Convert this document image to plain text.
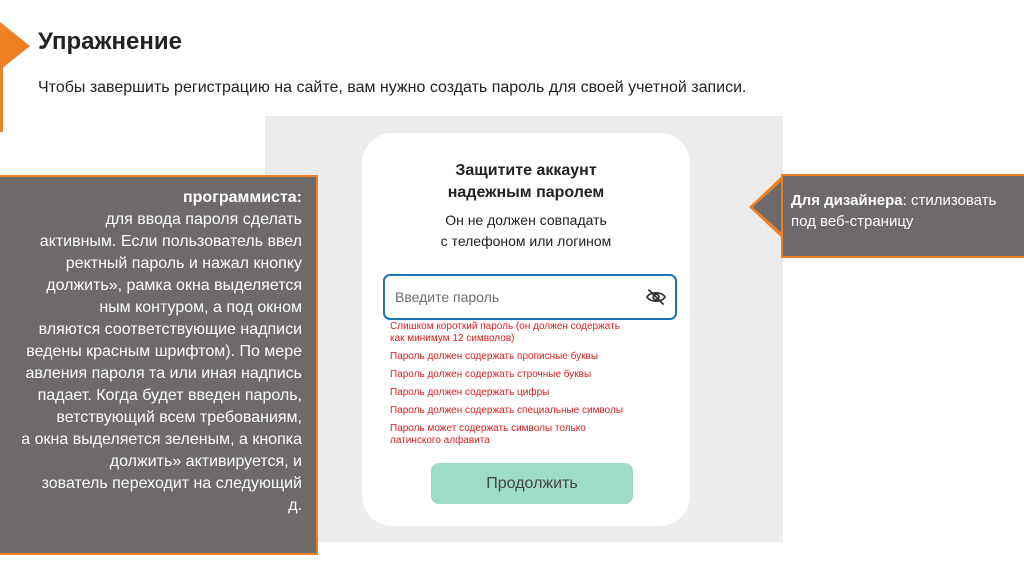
Упражнение

Чтобы завершить регистрацию на сайте, вам нужно создать пароль для своей учетной записи.

Защитите аккаунт
надежным паролем
Он не должен совпадать
с телефоном или логином
Слишком короткий пароль (он должен содержать
как минимум 12 символов)
Пароль должен содержать прописные буквы
Пароль должен содержать строчные буквы
Пароль должен содержать цифры
Пароль должен содержать специальные символы
Пароль может содержать символы только
латинского алфавита
Продолжить
программиста:
для ввода пароля сделать
активным. Если пользователь ввел
ректный пароль и нажал кнопку
должить», рамка окна выделяется
ным контуром, а под окном
вляются соответствующие надписи
ведены красным шрифтом). По мере
авления пароля та или иная надпись
падает. Когда будет введен пароль,
ветствующий всем требованиям,
а окна выделяется зеленым, а кнопка
должить» активируется, и
зователь переходит на следующий
д.
Для дизайнера: стилизовать
под веб-страницу
